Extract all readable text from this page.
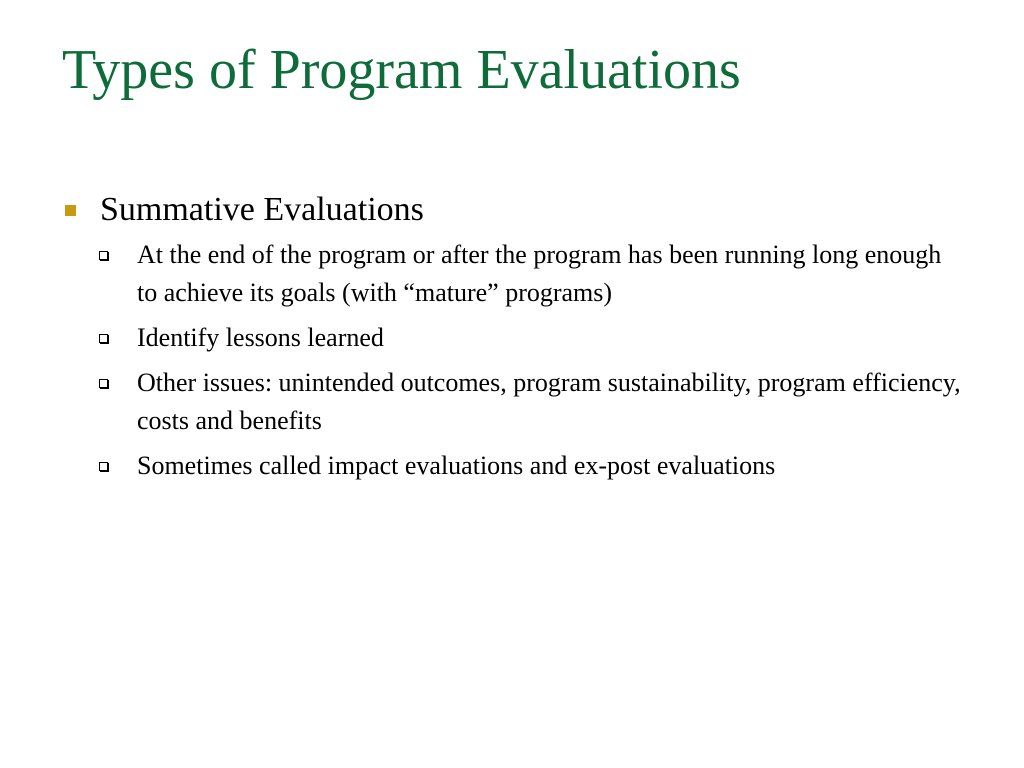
Types of Program Evaluations
Summative Evaluations
At the end of the program or after the program has been running long enough to achieve its goals (with “mature” programs)
Identify lessons learned
Other issues: unintended outcomes, program sustainability, program efficiency, costs and benefits
Sometimes called impact evaluations and ex-post evaluations
